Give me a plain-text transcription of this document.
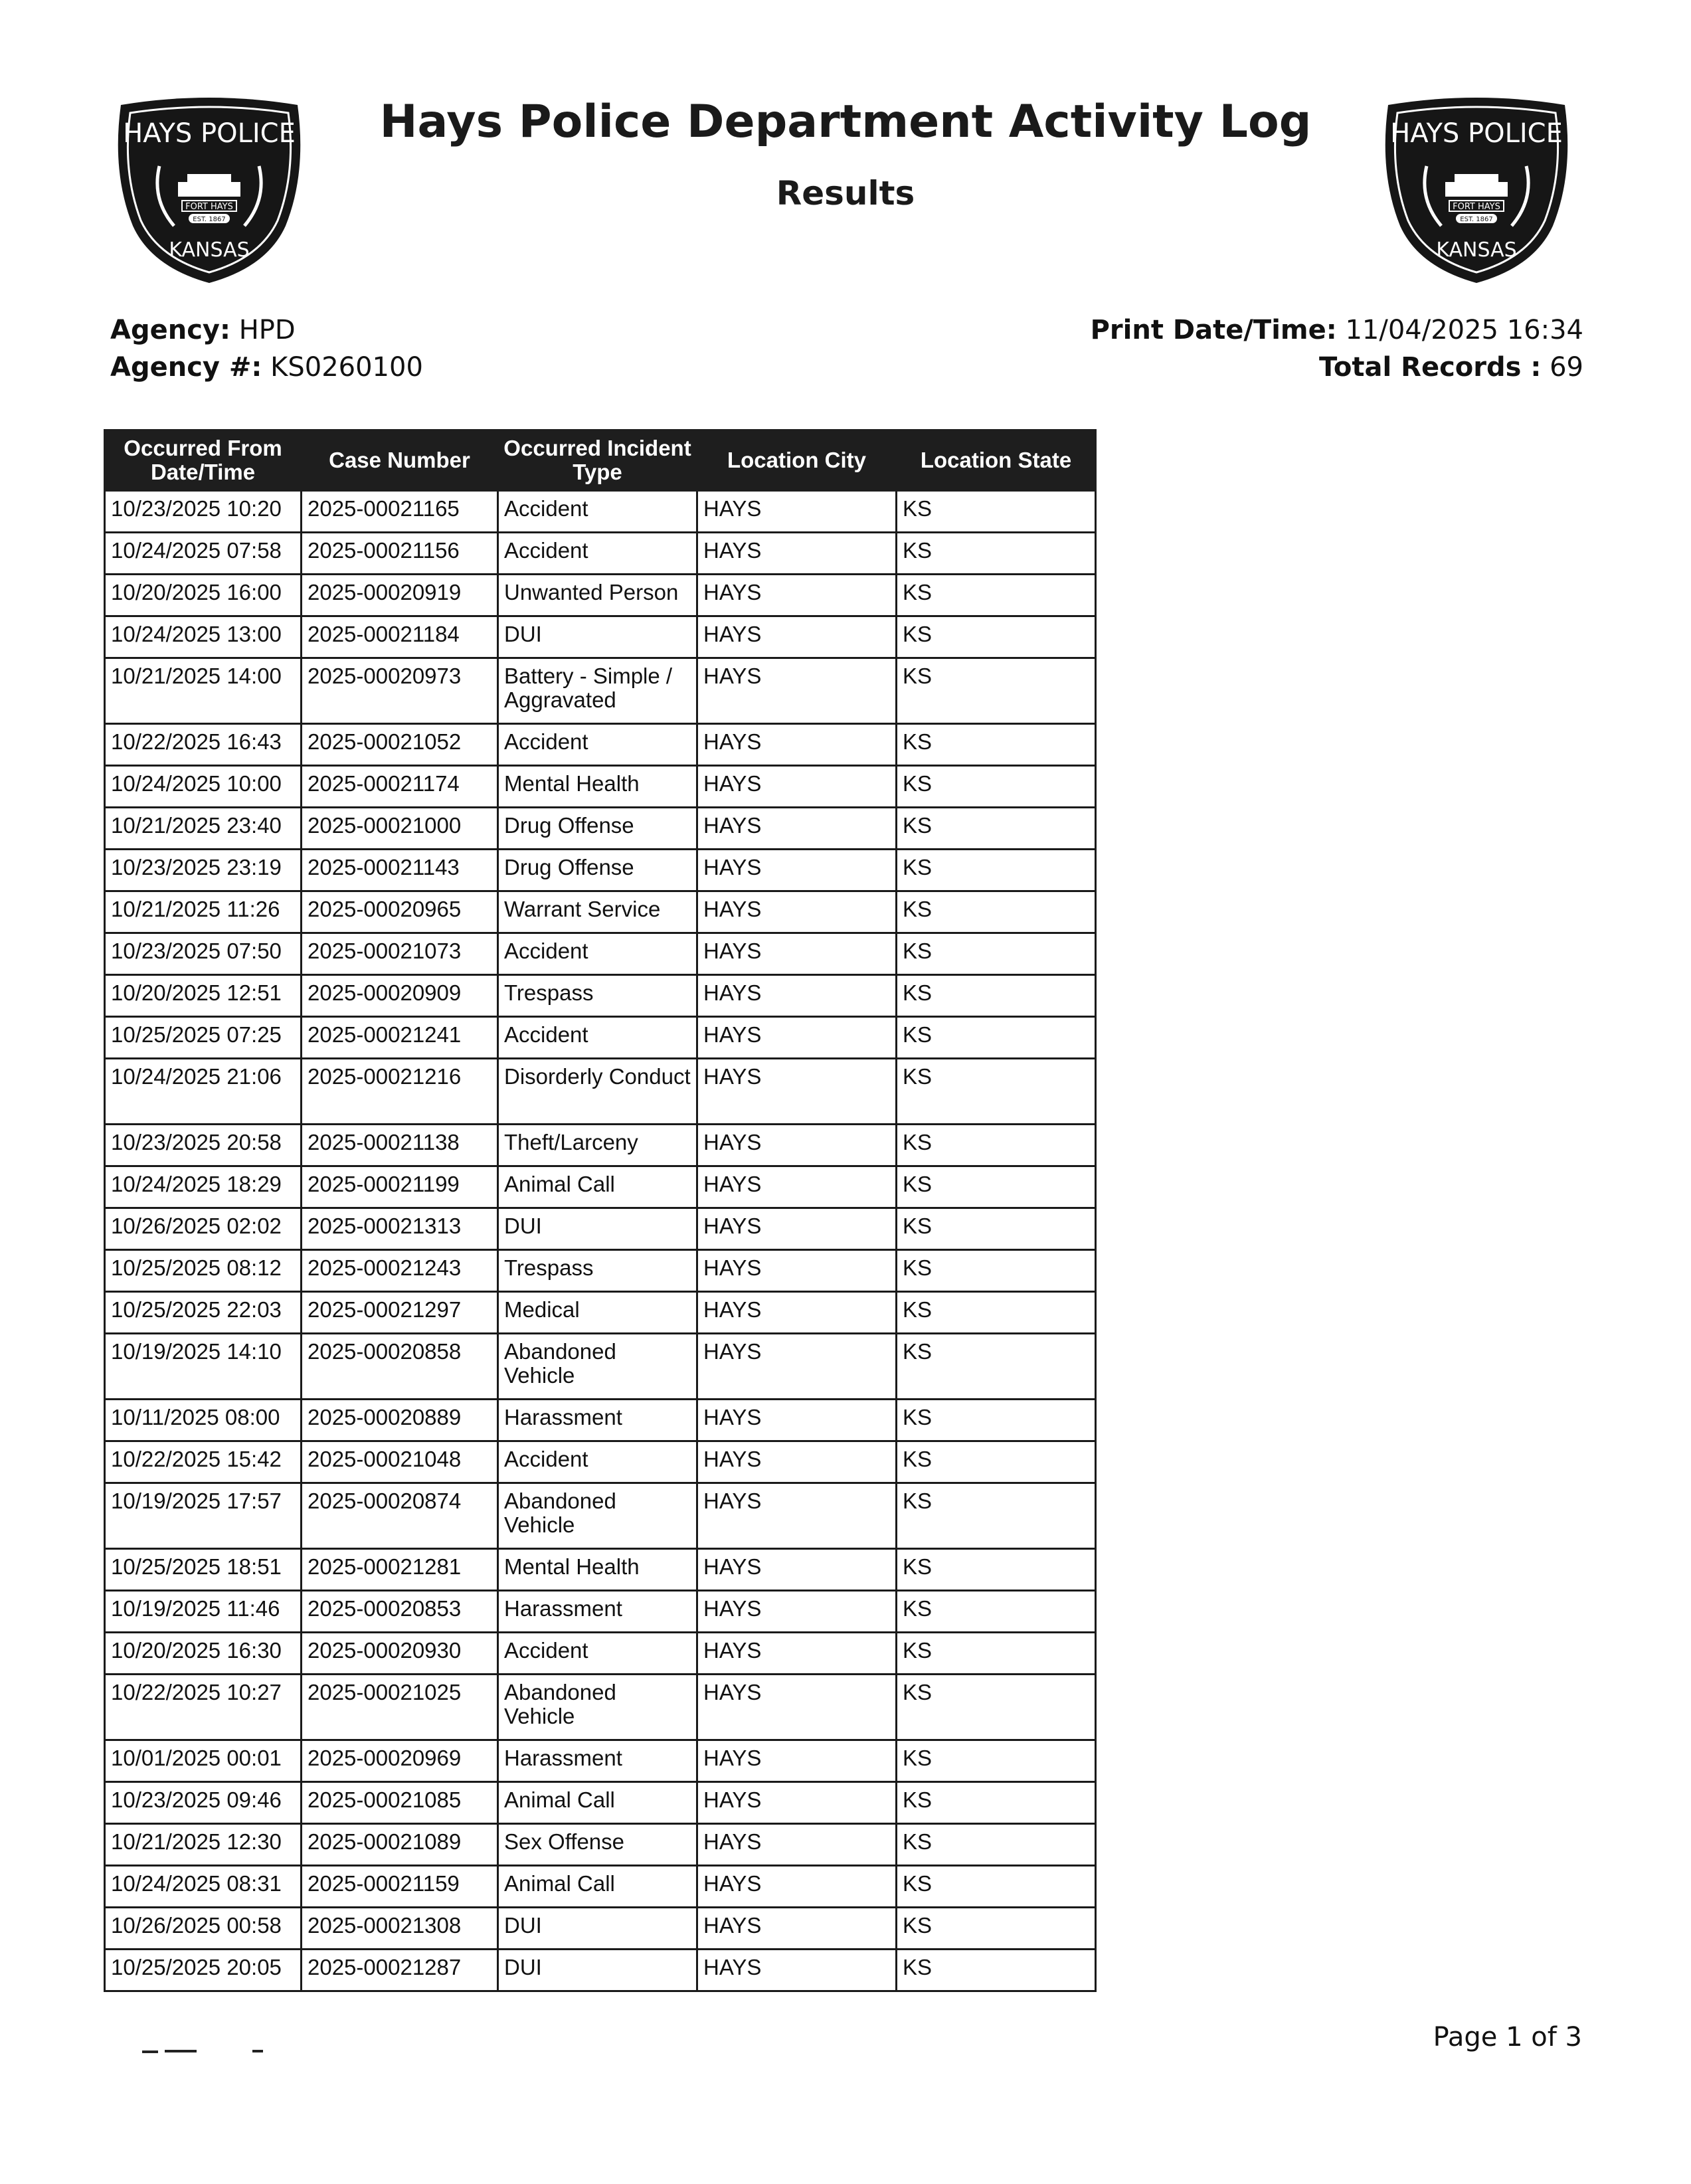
HAYS POLICE
FORT HAYS
EST. 1867
KANSAS
HAYS POLICE
FORT HAYS
EST. 1867
KANSAS
Hays Police Department Activity Log
Results
Agency: HPD
Agency #: KS0260100
Print Date/Time: 11/04/2025 16:34
Total Records : 69
Occurred From Date/Time	Case Number	Occurred Incident Type	Location City	Location State
10/23/2025 10:20	2025-00021165	Accident	HAYS	KS
10/24/2025 07:58	2025-00021156	Accident	HAYS	KS
10/20/2025 16:00	2025-00020919	Unwanted Person	HAYS	KS
10/24/2025 13:00	2025-00021184	DUI	HAYS	KS
10/21/2025 14:00	2025-00020973	Battery - Simple / Aggravated	HAYS	KS
10/22/2025 16:43	2025-00021052	Accident	HAYS	KS
10/24/2025 10:00	2025-00021174	Mental Health	HAYS	KS
10/21/2025 23:40	2025-00021000	Drug Offense	HAYS	KS
10/23/2025 23:19	2025-00021143	Drug Offense	HAYS	KS
10/21/2025 11:26	2025-00020965	Warrant Service	HAYS	KS
10/23/2025 07:50	2025-00021073	Accident	HAYS	KS
10/20/2025 12:51	2025-00020909	Trespass	HAYS	KS
10/25/2025 07:25	2025-00021241	Accident	HAYS	KS
10/24/2025 21:06	2025-00021216	Disorderly Conduct	HAYS	KS
10/23/2025 20:58	2025-00021138	Theft/Larceny	HAYS	KS
10/24/2025 18:29	2025-00021199	Animal Call	HAYS	KS
10/26/2025 02:02	2025-00021313	DUI	HAYS	KS
10/25/2025 08:12	2025-00021243	Trespass	HAYS	KS
10/25/2025 22:03	2025-00021297	Medical	HAYS	KS
10/19/2025 14:10	2025-00020858	Abandoned Vehicle	HAYS	KS
10/11/2025 08:00	2025-00020889	Harassment	HAYS	KS
10/22/2025 15:42	2025-00021048	Accident	HAYS	KS
10/19/2025 17:57	2025-00020874	Abandoned Vehicle	HAYS	KS
10/25/2025 18:51	2025-00021281	Mental Health	HAYS	KS
10/19/2025 11:46	2025-00020853	Harassment	HAYS	KS
10/20/2025 16:30	2025-00020930	Accident	HAYS	KS
10/22/2025 10:27	2025-00021025	Abandoned Vehicle	HAYS	KS
10/01/2025 00:01	2025-00020969	Harassment	HAYS	KS
10/23/2025 09:46	2025-00021085	Animal Call	HAYS	KS
10/21/2025 12:30	2025-00021089	Sex Offense	HAYS	KS
10/24/2025 08:31	2025-00021159	Animal Call	HAYS	KS
10/26/2025 00:58	2025-00021308	DUI	HAYS	KS
10/25/2025 20:05	2025-00021287	DUI	HAYS	KS
Page 1 of 3
